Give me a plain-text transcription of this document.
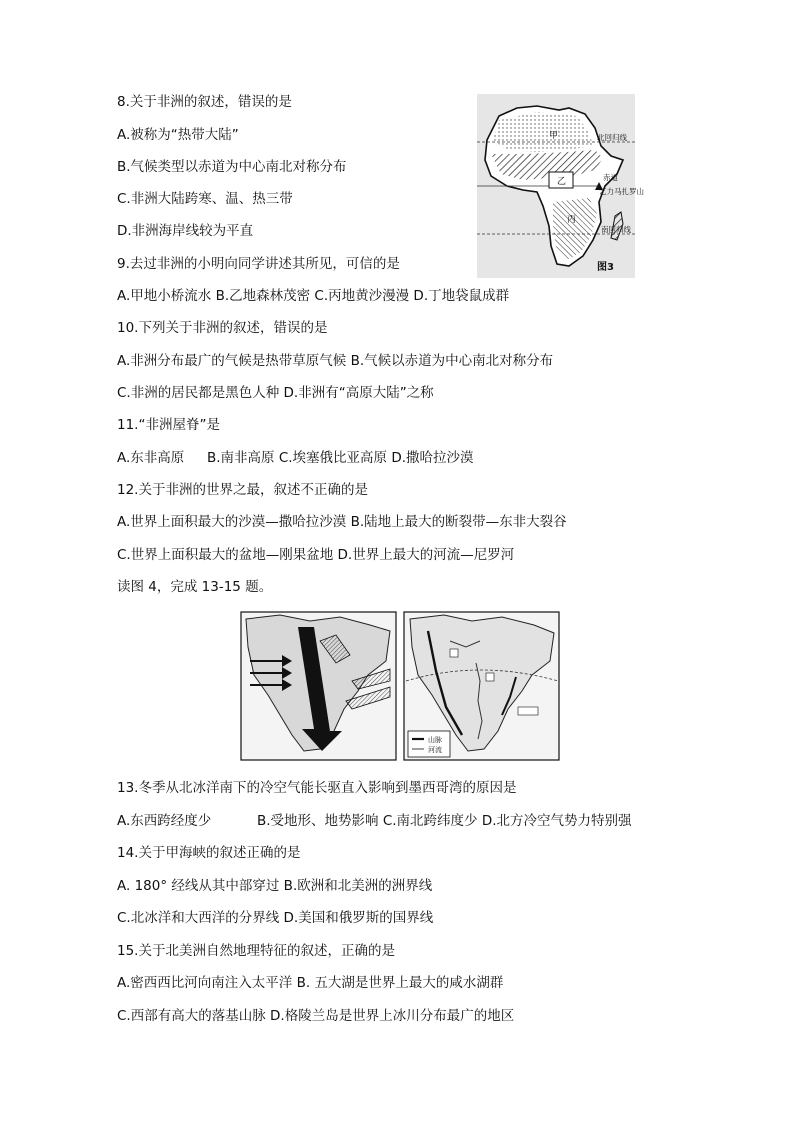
8.关于非洲的叙述，错误的是
A.被称为“热带大陆”
B.气候类型以赤道为中心南北对称分布
C.非洲大陆跨寒、温、热三带
D.非洲海岸线较为平直
9.去过非洲的小明向同学讲述其所见，可信的是
A.甲地小桥流水 B.乙地森林茂密 C.丙地黄沙漫漫 D.丁地袋鼠成群
10.下列关于非洲的叙述，错误的是
A.非洲分布最广的气候是热带草原气候 B.气候以赤道为中心南北对称分布
C.非洲的居民都是黑色人种 D.非洲有“高原大陆”之称
11.“非洲屋脊”是
A.东非高原 B.南非高原 C.埃塞俄比亚高原 D.撒哈拉沙漠
12.关于非洲的世界之最，叙述不正确的是
A.世界上面积最大的沙漠—撒哈拉沙漠 B.陆地上最大的断裂带—东非大裂谷
C.世界上面积最大的盆地—刚果盆地 D.世界上最大的河流—尼罗河
读图 4，完成 13-15 题。
北回归线
甲
赤道
乞力马扎罗山
乙
丙
南回归线
图3
山脉
河流
13.冬季从北冰洋南下的冷空气能长驱直入影响到墨西哥湾的原因是
A.东西跨经度少	B.受地形、地势影响 C.南北跨纬度少 D.北方冷空气势力特别强
14.关于甲海峡的叙述正确的是
A. 180° 经线从其中部穿过 B.欧洲和北美洲的洲界线
C.北冰洋和大西洋的分界线 D.美国和俄罗斯的国界线
15.关于北美洲自然地理特征的叙述，正确的是
A.密西西比河向南注入太平洋 B. 五大湖是世界上最大的咸水湖群
C.西部有高大的落基山脉 D.格陵兰岛是世界上冰川分布最广的地区
